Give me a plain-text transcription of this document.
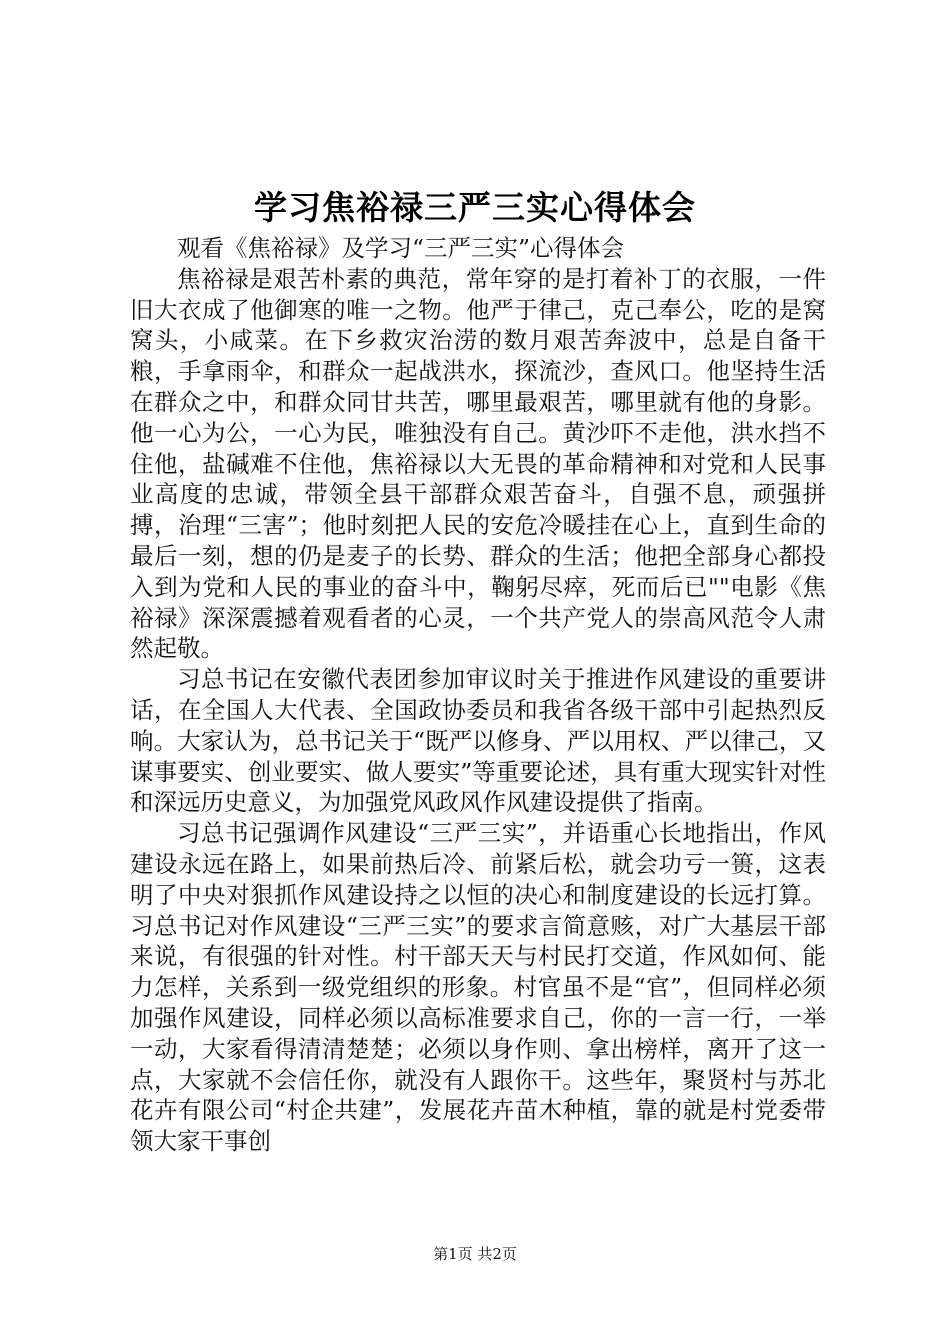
学习焦裕禄三严三实心得体会

观看《焦裕禄》及学习“三严三实”心得体会

焦裕禄是艰苦朴素的典范，常年穿的是打着补丁的衣服，一件旧大衣成了他御寒的唯一之物。他严于律己，克己奉公，吃的是窝窝头，小咸菜。在下乡救灾治涝的数月艰苦奔波中，总是自备干粮，手拿雨伞，和群众一起战洪水，探流沙，查风口。他坚持生活在群众之中，和群众同甘共苦，哪里最艰苦，哪里就有他的身影。他一心为公，一心为民，唯独没有自己。黄沙吓不走他，洪水挡不住他，盐碱难不住他，焦裕禄以大无畏的革命精神和对党和人民事业高度的忠诚，带领全县干部群众艰苦奋斗，自强不息，顽强拼搏，治理“三害”；他时刻把人民的安危冷暖挂在心上，直到生命的最后一刻，想的仍是麦子的长势、群众的生活；他把全部身心都投入到为党和人民的事业的奋斗中，鞠躬尽瘁，死而后已""电影《焦裕禄》深深震撼着观看者的心灵，一个共产党人的崇高风范令人肃然起敬。

习总书记在安徽代表团参加审议时关于推进作风建设的重要讲话，在全国人大代表、全国政协委员和我省各级干部中引起热烈反响。大家认为，总书记关于“既严以修身、严以用权、严以律己，又谋事要实、创业要实、做人要实”等重要论述，具有重大现实针对性和深远历史意义，为加强党风政风作风建设提供了指南。

习总书记强调作风建设“三严三实”，并语重心长地指出，作风建设永远在路上，如果前热后冷、前紧后松，就会功亏一篑，这表明了中央对狠抓作风建设持之以恒的决心和制度建设的长远打算。习总书记对作风建设“三严三实”的要求言简意赅，对广大基层干部来说，有很强的针对性。村干部天天与村民打交道，作风如何、能力怎样，关系到一级党组织的形象。村官虽不是“官”，但同样必须加强作风建设，同样必须以高标准要求自己，你的一言一行，一举一动，大家看得清清楚楚；必须以身作则、拿出榜样，离开了这一点，大家就不会信任你，就没有人跟你干。这些年，聚贤村与苏北花卉有限公司“村企共建”，发展花卉苗木种植，靠的就是村党委带领大家干事创

第1页 共2页
